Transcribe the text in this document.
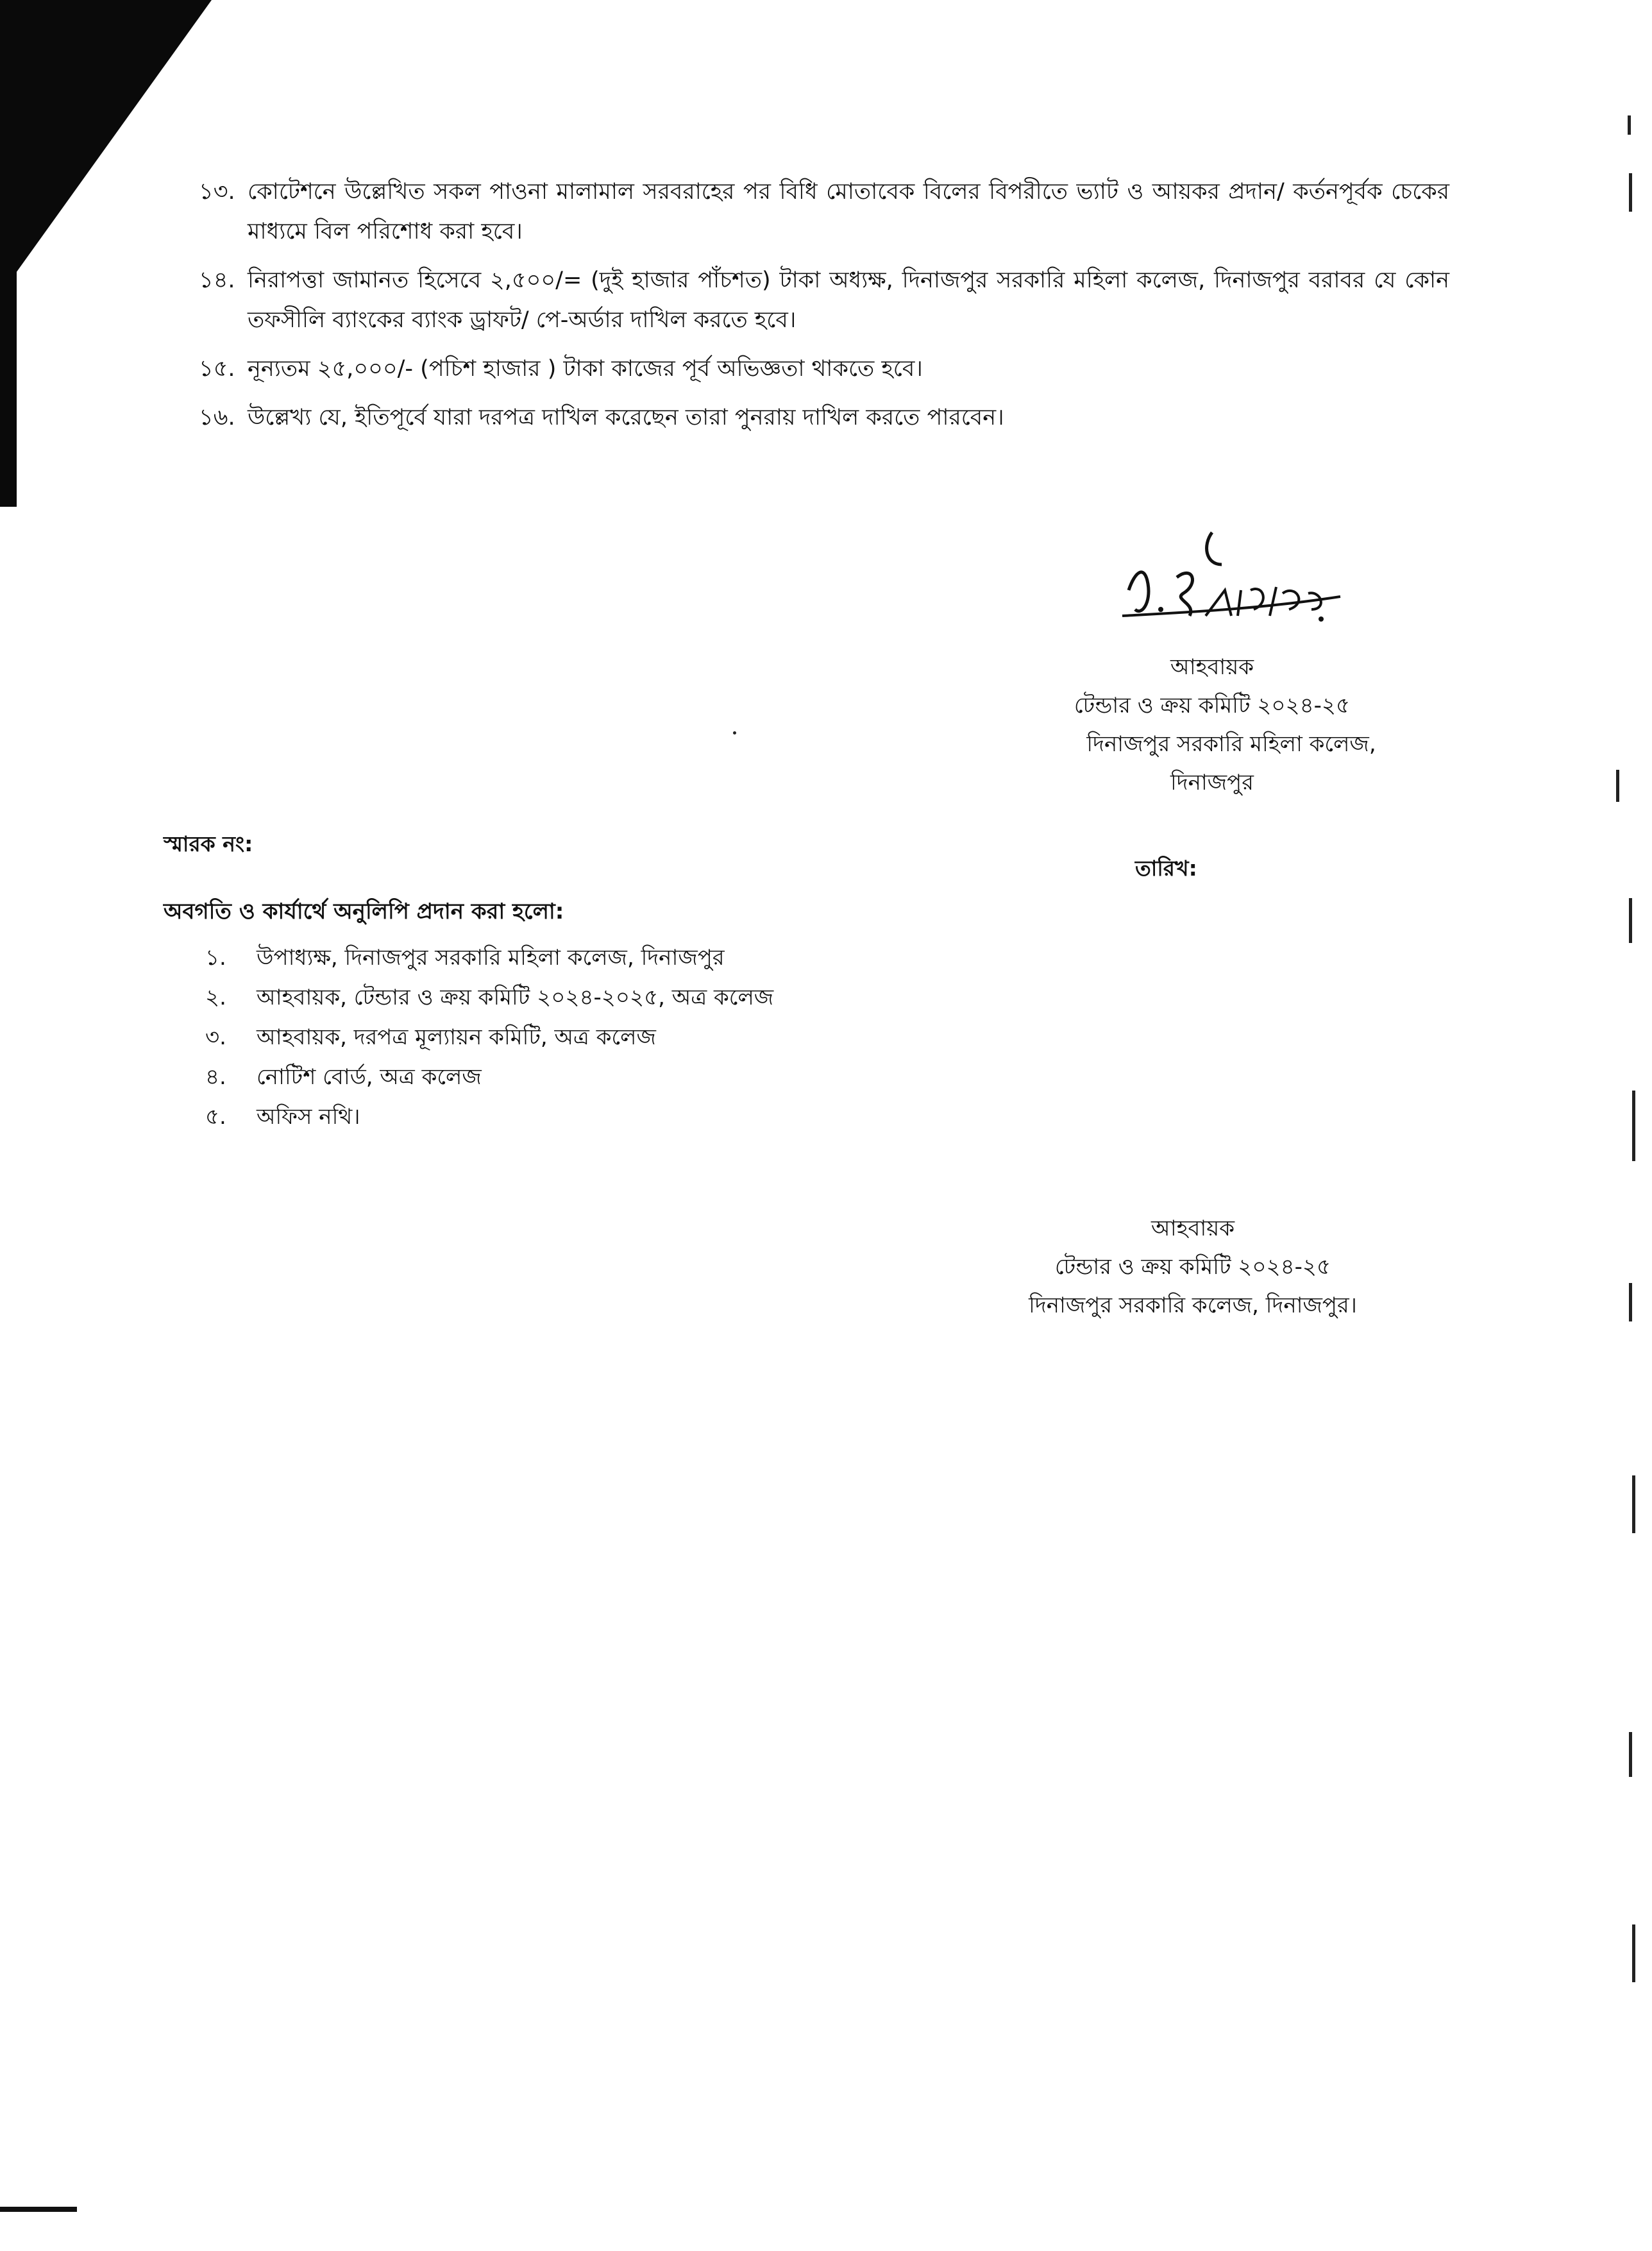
১৩. কোটেশনে উল্লেখিত সকল পাওনা মালামাল সরবরাহের পর বিধি মোতাবেক বিলের বিপরীতে ভ্যাট ও আয়কর প্রদান/ কর্তনপূর্বক চেকের মাধ্যমে বিল পরিশোধ করা হবে।
১৪. নিরাপত্তা জামানত হিসেবে ২,৫০০/= (দুই হাজার পাঁচশত) টাকা অধ্যক্ষ, দিনাজপুর সরকারি মহিলা কলেজ, দিনাজপুর বরাবর যে কোন তফসীলি ব্যাংকের ব্যাংক ড্রাফট/ পে-অর্ডার দাখিল করতে হবে।
১৫. নূন্যতম ২৫,০০০/- (পচিশ হাজার ) টাকা কাজের পূর্ব অভিজ্ঞতা থাকতে হবে।
১৬. উল্লেখ্য যে, ইতিপূর্বে যারা দরপত্র দাখিল করেছেন তারা পুনরায় দাখিল করতে পারবেন।
আহবায়ক
টেন্ডার ও ক্রয় কমিটি ২০২৪-২৫
দিনাজপুর সরকারি মহিলা কলেজ,
দিনাজপুর
স্মারক নং:
তারিখ:
অবগতি ও কার্যার্থে অনুলিপি প্রদান করা হলো:
১. উপাধ্যক্ষ, দিনাজপুর সরকারি মহিলা কলেজ, দিনাজপুর
২. আহবায়ক, টেন্ডার ও ক্রয় কমিটি ২০২৪-২০২৫, অত্র কলেজ
৩. আহবায়ক, দরপত্র মূল্যায়ন কমিটি, অত্র কলেজ
৪. নোটিশ বোর্ড, অত্র কলেজ
৫. অফিস নথি।
আহবায়ক
টেন্ডার ও ক্রয় কমিটি ২০২৪-২৫
দিনাজপুর সরকারি কলেজ, দিনাজপুর।
